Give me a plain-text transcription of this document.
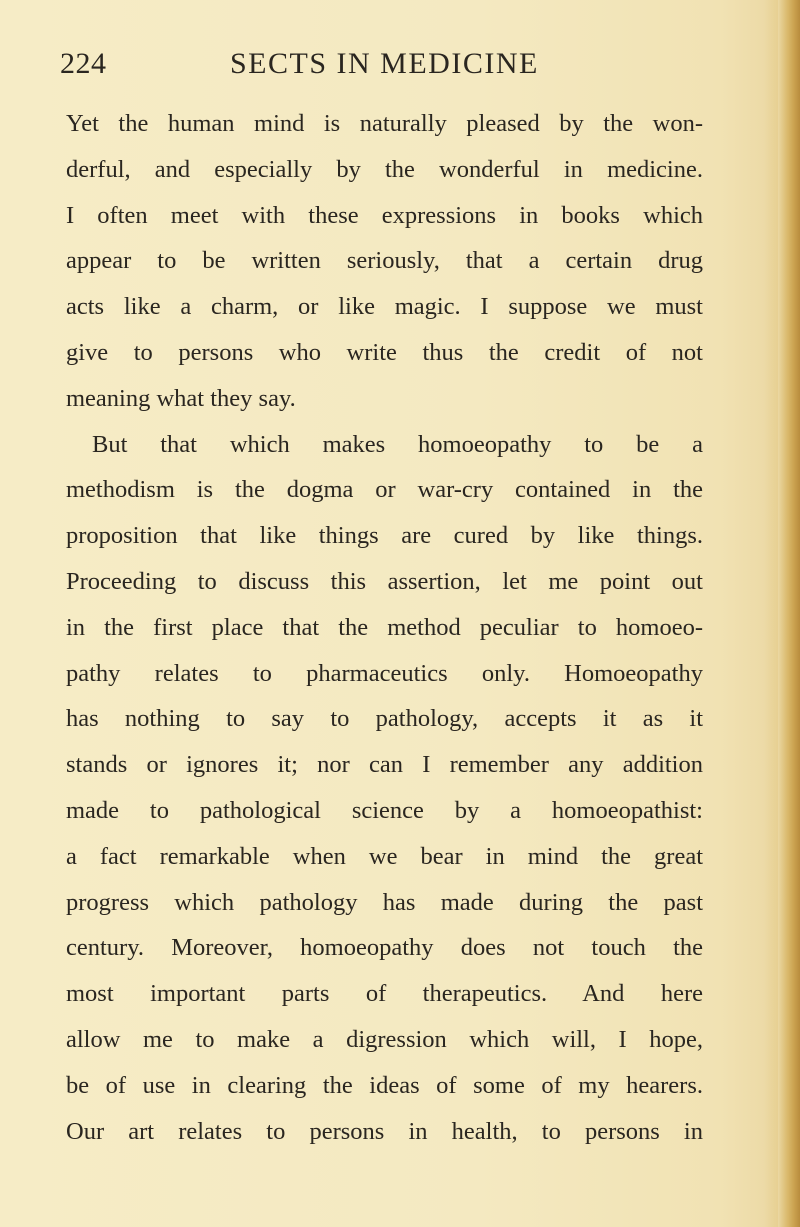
224	SECTS IN MEDICINE
Yet the human mind is naturally pleased by the won-
derful, and especially by the wonderful in medicine.
I often meet with these expressions in books which
appear to be written seriously, that a certain drug
acts like a charm, or like magic. I suppose we must
give to persons who write thus the credit of not
meaning what they say.
But that which makes homoeopathy to be a
methodism is the dogma or war-cry contained in the
proposition that like things are cured by like things.
Proceeding to discuss this assertion, let me point out
in the first place that the method peculiar to homoeo-
pathy relates to pharmaceutics only. Homoeopathy
has nothing to say to pathology, accepts it as it
stands or ignores it; nor can I remember any addition
made to pathological science by a homoeopathist:
a fact remarkable when we bear in mind the great
progress which pathology has made during the past
century. Moreover, homoeopathy does not touch the
most important parts of therapeutics. And here
allow me to make a digression which will, I hope,
be of use in clearing the ideas of some of my hearers.
Our art relates to persons in health, to persons in
